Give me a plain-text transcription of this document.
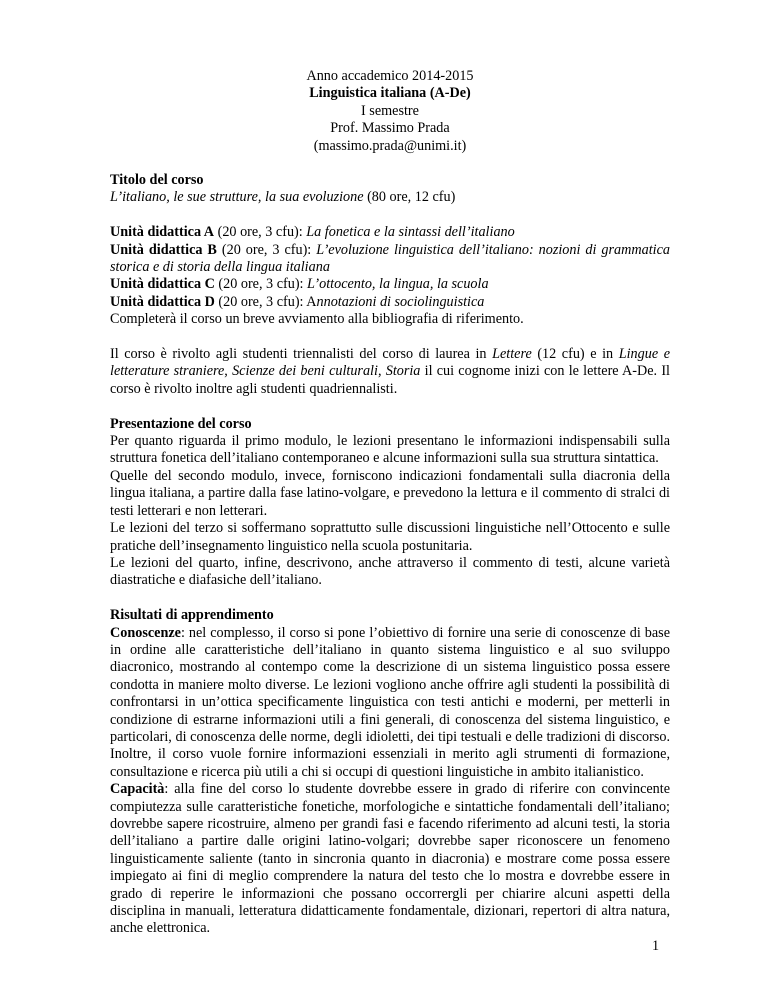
Anno accademico 2014-2015
Linguistica italiana (A-De)
I semestre
Prof. Massimo Prada
(massimo.prada@unimi.it)

Titolo del corso

L’italiano, le sue strutture, la sua evoluzione (80 ore, 12 cfu)

Unità didattica A (20 ore, 3 cfu): La fonetica e la sintassi dell’italiano

Unità didattica B (20 ore, 3 cfu): L’evoluzione linguistica dell’italiano: nozioni di grammatica storica e di storia della lingua italiana

Unità didattica C (20 ore, 3 cfu): L’ottocento, la lingua, la scuola

Unità didattica D (20 ore, 3 cfu): Annotazioni di sociolinguistica

Completerà il corso un breve avviamento alla bibliografia di riferimento.

Il corso è rivolto agli studenti triennalisti del corso di laurea in Lettere (12 cfu) e in Lingue e letterature straniere, Scienze dei beni culturali, Storia il cui cognome inizi con le lettere A-De. Il corso è rivolto inoltre agli studenti quadriennalisti.

Presentazione del corso

Per quanto riguarda il primo modulo, le lezioni presentano le informazioni indispensabili sulla struttura fonetica dell’italiano contemporaneo e alcune informazioni sulla sua struttura sintattica.

Quelle del secondo modulo, invece, forniscono indicazioni fondamentali sulla diacronia della lingua italiana, a partire dalla fase latino-volgare, e prevedono la lettura e il commento di stralci di testi letterari e non letterari.

Le lezioni del terzo si soffermano soprattutto sulle discussioni linguistiche nell’Ottocento e sulle pratiche dell’insegnamento linguistico nella scuola postunitaria.

Le lezioni del quarto, infine, descrivono, anche attraverso il commento di testi, alcune varietà diastratiche e diafasiche dell’italiano.

Risultati di apprendimento

Conoscenze: nel complesso, il corso si pone l’obiettivo di fornire una serie di conoscenze di base in ordine alle caratteristiche dell’italiano in quanto sistema linguistico e al suo sviluppo diacronico, mostrando al contempo come la descrizione di un sistema linguistico possa essere condotta in maniere molto diverse. Le lezioni vogliono anche offrire agli studenti la possibilità di confrontarsi in un’ottica specificamente linguistica con testi antichi e moderni, per metterli in condizione di estrarne informazioni utili a fini generali, di conoscenza del sistema linguistico, e particolari, di conoscenza delle norme, degli idioletti, dei tipi testuali e delle tradizioni di discorso. Inoltre, il corso vuole fornire informazioni essenziali in merito agli strumenti di formazione, consultazione e ricerca più utili a chi si occupi di questioni linguistiche in ambito italianistico.

Capacità: alla fine del corso lo studente dovrebbe essere in grado di riferire con convincente compiutezza sulle caratteristiche fonetiche, morfologiche e sintattiche fondamentali dell’italiano; dovrebbe sapere ricostruire, almeno per grandi fasi e facendo riferimento ad alcuni testi, la storia dell’italiano a partire dalle origini latino-volgari; dovrebbe saper riconoscere un fenomeno linguisticamente saliente (tanto in sincronia quanto in diacronia) e mostrare come possa essere impiegato ai fini di meglio comprendere la natura del testo che lo mostra e dovrebbe essere in grado di reperire le informazioni che possano occorrergli per chiarire alcuni aspetti della disciplina in manuali, letteratura didatticamente fondamentale, dizionari, repertori di altra natura, anche elettronica.

1
